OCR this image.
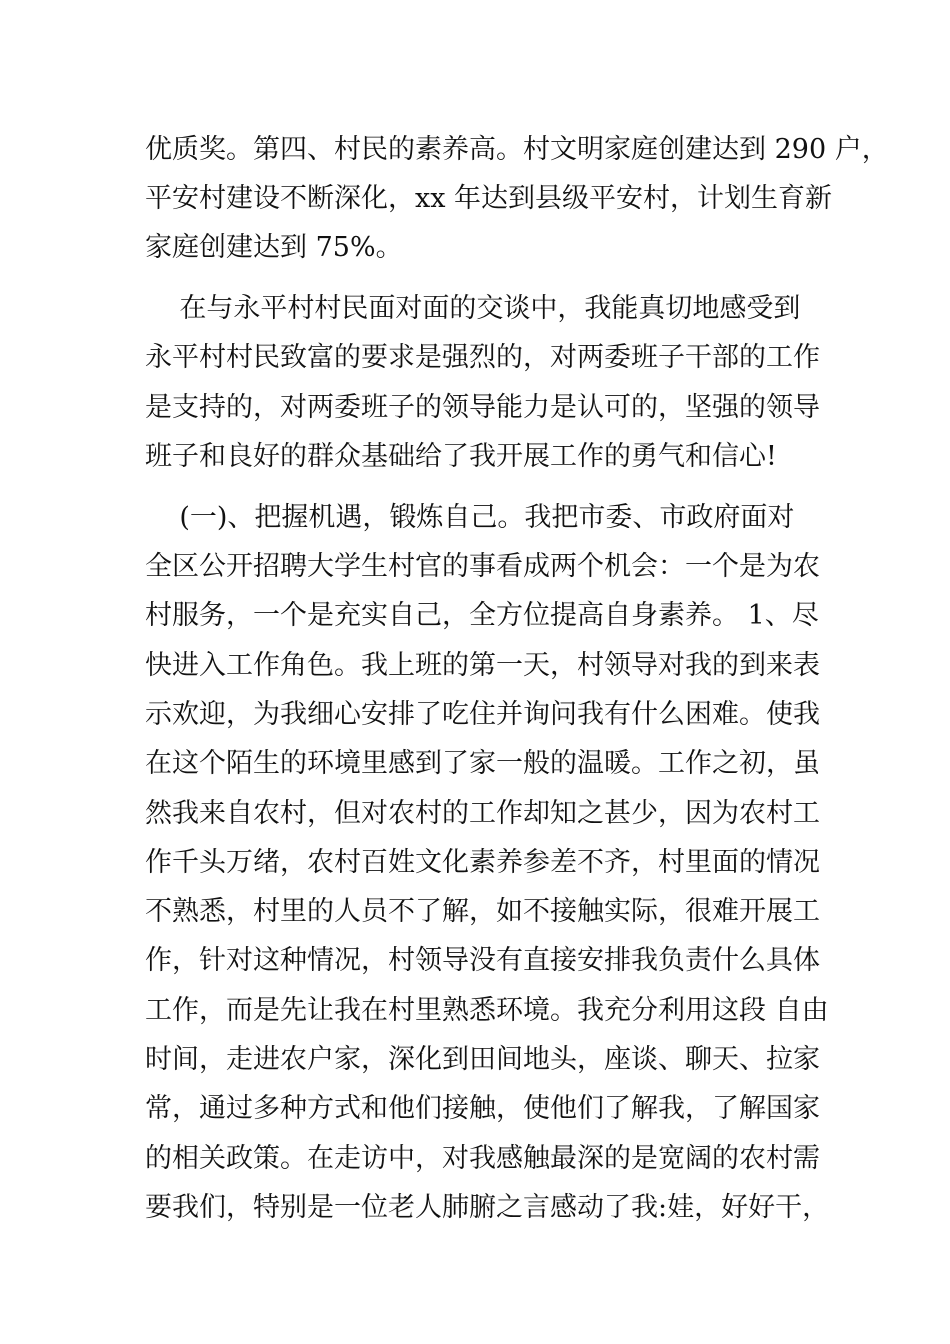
优质奖。第四、村民的素养高。村文明家庭创建达到 290 户，
平安村建设不断深化，xx 年达到县级平安村，计划生育新
家庭创建达到 75%。
在与永平村村民面对面的交谈中，我能真切地感受到
永平村村民致富的要求是强烈的，对两委班子干部的工作
是支持的，对两委班子的领导能力是认可的，坚强的领导
班子和良好的群众基础给了我开展工作的勇气和信心!
(一)、把握机遇，锻炼自己。我把市委、市政府面对
全区公开招聘大学生村官的事看成两个机会：一个是为农
村服务，一个是充实自己，全方位提高自身素养。 1、尽
快进入工作角色。我上班的第一天，村领导对我的到来表
示欢迎，为我细心安排了吃住并询问我有什么困难。使我
在这个陌生的环境里感到了家一般的温暖。工作之初，虽
然我来自农村，但对农村的工作却知之甚少，因为农村工
作千头万绪，农村百姓文化素养参差不齐，村里面的情况
不熟悉，村里的人员不了解，如不接触实际，很难开展工
作，针对这种情况，村领导没有直接安排我负责什么具体
工作，而是先让我在村里熟悉环境。我充分利用这段 自由
时间，走进农户家，深化到田间地头，座谈、聊天、拉家
常，通过多种方式和他们接触，使他们了解我，了解国家
的相关政策。在走访中，对我感触最深的是宽阔的农村需
要我们，特别是一位老人肺腑之言感动了我:娃，好好干，
